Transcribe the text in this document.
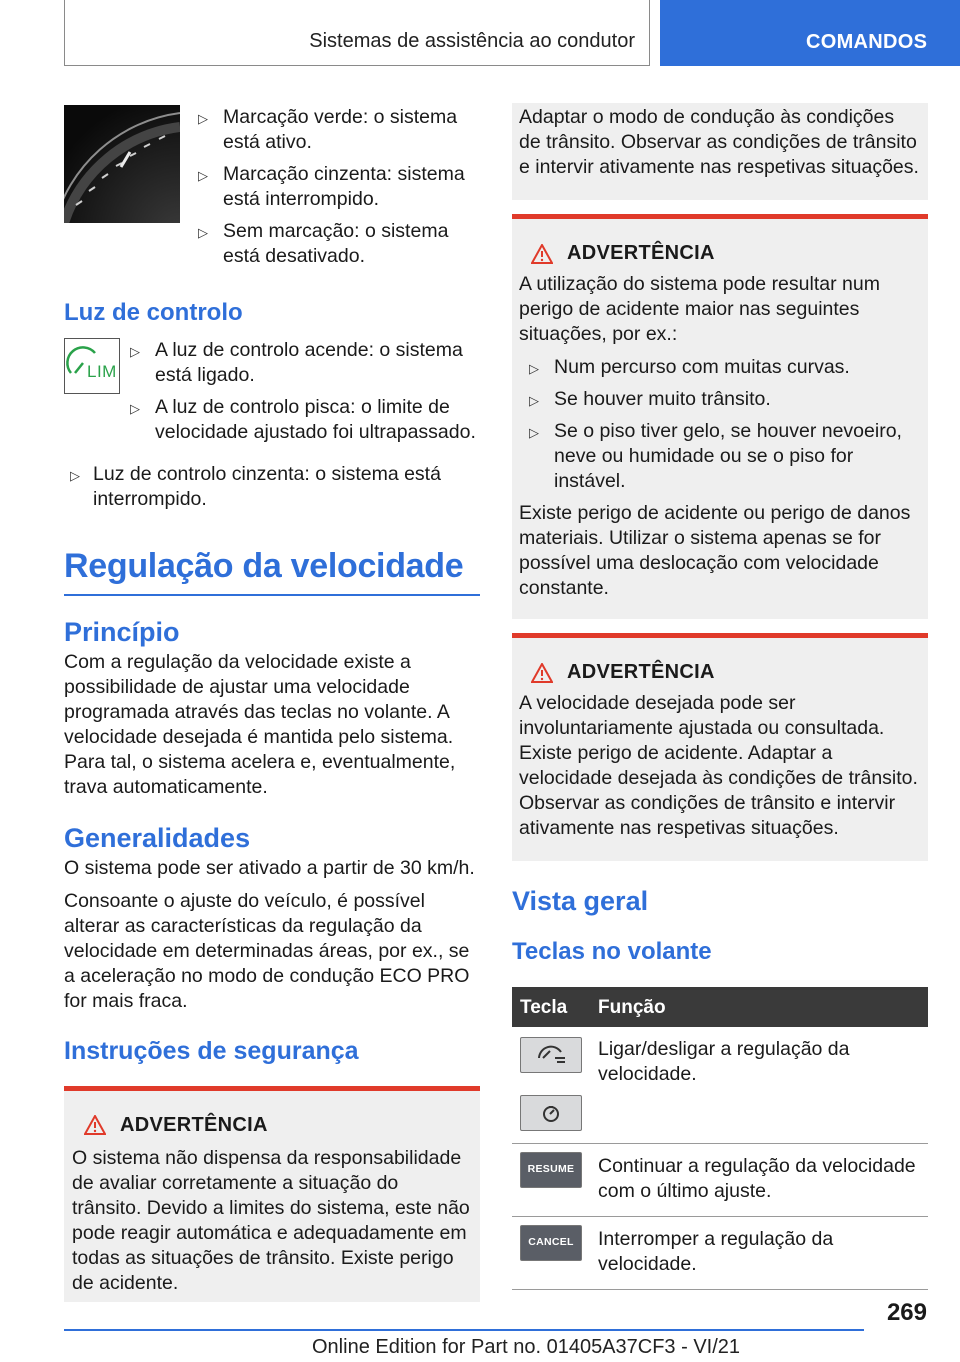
Sistemas de assistência ao condutor	COMANDOS
▷ Marcação verde: o sistema está ativo.
▷ Marcação cinzenta: sistema está interrompido.
▷ Sem marcação: o sistema está desativado.
Luz de controlo
LIM
▷ A luz de controlo acende: o sistema está ligado.
▷ A luz de controlo pisca: o limite de velocidade ajustado foi ultrapassado.
▷ Luz de controlo cinzenta: o sistema está interrompido.
Regulação da velocidade
Princípio

Com a regulação da velocidade existe a possibilidade de ajustar uma velocidade programada através das teclas no volante. A velocidade desejada é mantida pelo sistema. Para tal, o sistema acelera e, eventualmente, trava automaticamente.

Generalidades

O sistema pode ser ativado a partir de 30 km/h.

Consoante o ajuste do veículo, é possível alterar as características da regulação da velocidade em determinadas áreas, por ex., se a aceleração no modo de condução ECO PRO for mais fraca.

Instruções de segurança
ADVERTÊNCIA

O sistema não dispensa da responsabilidade de avaliar corretamente a situação do trânsito. Devido a limites do sistema, este não pode reagir automática e adequadamente em todas as situações de trânsito. Existe perigo de acidente.

Adaptar o modo de condução às condições de trânsito. Observar as condições de trânsito e intervir ativamente nas respetivas situações.

ADVERTÊNCIA

A utilização do sistema pode resultar num perigo de acidente maior nas seguintes situações, por ex.:

▷ Num percurso com muitas curvas.
▷ Se houver muito trânsito.
▷ Se o piso tiver gelo, se houver nevoeiro, neve ou humidade ou se o piso for instável.

Existe perigo de acidente ou perigo de danos materiais. Utilizar o sistema apenas se for possível uma deslocação com velocidade constante.

ADVERTÊNCIA

A velocidade desejada pode ser involuntariamente ajustada ou consultada. Existe perigo de acidente. Adaptar a velocidade desejada às condições de trânsito. Observar as condições de trânsito e intervir ativamente nas respetivas situações.

Vista geral
Teclas no volante
Tecla	Função

	Ligar/desligar a regulação da velocidade.

RESUME	Continuar a regulação da velocidade com o último ajuste.

CANCEL	Interromper a regulação da velocidade.
269
Online Edition for Part no. 01405A37CF3 - VI/21
